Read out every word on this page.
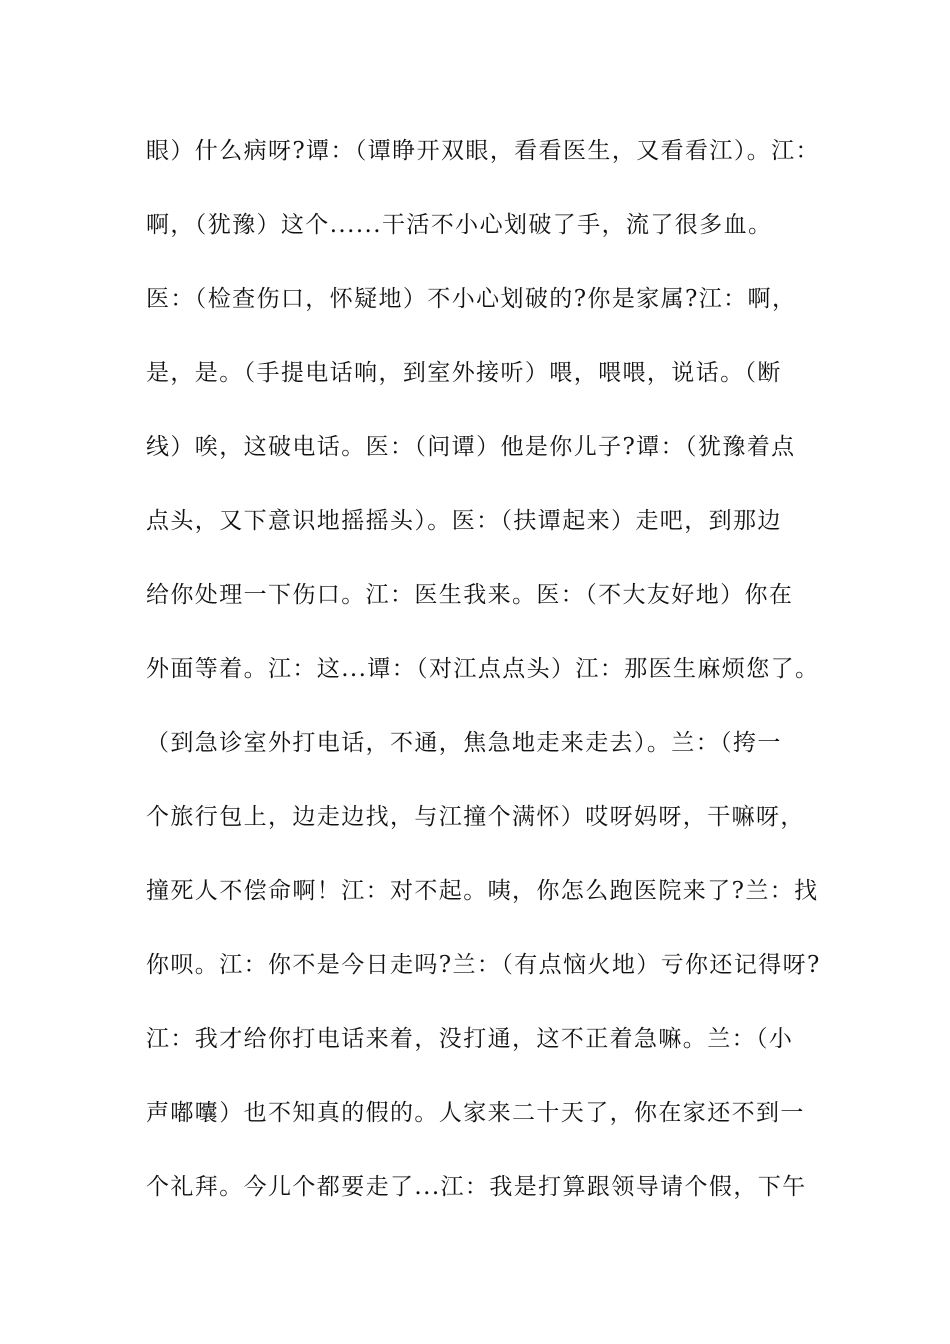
眼）什么病呀?谭：（谭睁开双眼，看看医生，又看看江）。江：
啊，（犹豫）这个......干活不小心划破了手，流了很多血。
医：（检查伤口，怀疑地）不小心划破的?你是家属?江：啊，
是，是。（手提电话响，到室外接听）喂，喂喂，说话。（断
线）唉，这破电话。医：（问谭）他是你儿子?谭：（犹豫着点
点头，又下意识地摇摇头）。医：（扶谭起来）走吧，到那边
给你处理一下伤口。江：医生我来。医：（不大友好地）你在
外面等着。江：这...谭：（对江点点头）江：那医生麻烦您了。
（到急诊室外打电话，不通，焦急地走来走去）。兰：（挎一
个旅行包上，边走边找，与江撞个满怀）哎呀妈呀，干嘛呀，
撞死人不偿命啊！江：对不起。咦，你怎么跑医院来了?兰：找
你呗。江：你不是今日走吗?兰：（有点恼火地）亏你还记得呀?
江：我才给你打电话来着，没打通，这不正着急嘛。兰：（小
声嘟囔）也不知真的假的。人家来二十天了，你在家还不到一
个礼拜。今儿个都要走了...江：我是打算跟领导请个假，下午
